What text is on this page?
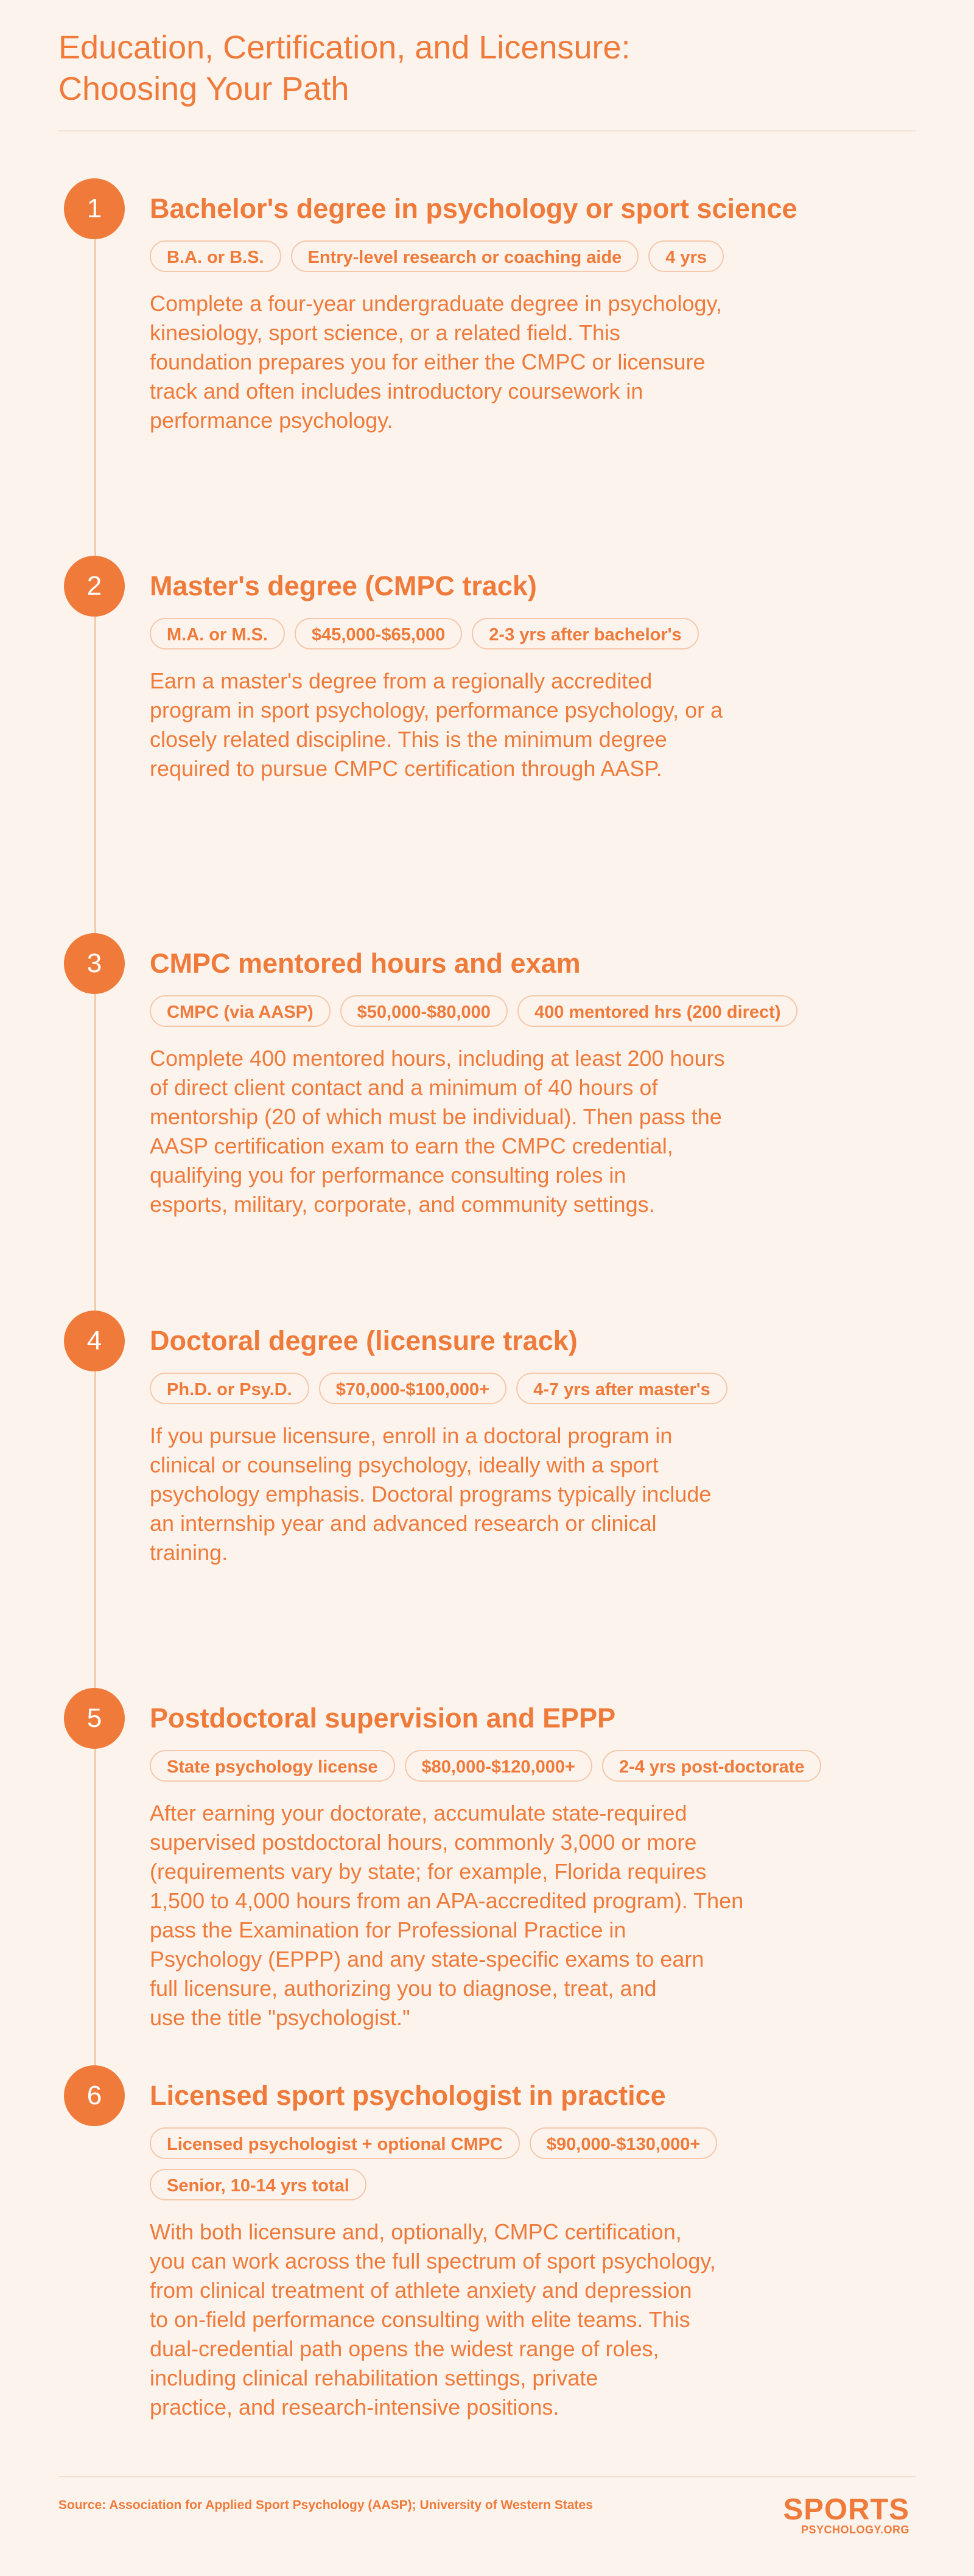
Education, Certification, and Licensure:
Choosing Your Path
1	Bachelor's degree in psychology or sport science
B.A. or B.S.	Entry-level research or coaching aide	4 yrs
Complete a four-year undergraduate degree in psychology,
kinesiology, sport science, or a related field. This
foundation prepares you for either the CMPC or licensure
track and often includes introductory coursework in
performance psychology.
2	Master's degree (CMPC track)
M.A. or M.S.	$45,000-$65,000	2-3 yrs after bachelor's
Earn a master's degree from a regionally accredited
program in sport psychology, performance psychology, or a
closely related discipline. This is the minimum degree
required to pursue CMPC certification through AASP.
3	CMPC mentored hours and exam
CMPC (via AASP)	$50,000-$80,000	400 mentored hrs (200 direct)
Complete 400 mentored hours, including at least 200 hours
of direct client contact and a minimum of 40 hours of
mentorship (20 of which must be individual). Then pass the
AASP certification exam to earn the CMPC credential,
qualifying you for performance consulting roles in
esports, military, corporate, and community settings.
4	Doctoral degree (licensure track)
Ph.D. or Psy.D.	$70,000-$100,000+	4-7 yrs after master's
If you pursue licensure, enroll in a doctoral program in
clinical or counseling psychology, ideally with a sport
psychology emphasis. Doctoral programs typically include
an internship year and advanced research or clinical
training.
5	Postdoctoral supervision and EPPP
State psychology license	$80,000-$120,000+	2-4 yrs post-doctorate
After earning your doctorate, accumulate state-required
supervised postdoctoral hours, commonly 3,000 or more
(requirements vary by state; for example, Florida requires
1,500 to 4,000 hours from an APA-accredited program). Then
pass the Examination for Professional Practice in
Psychology (EPPP) and any state-specific exams to earn
full licensure, authorizing you to diagnose, treat, and
use the title "psychologist."
6	Licensed sport psychologist in practice
Licensed psychologist + optional CMPC	$90,000-$130,000+
Senior, 10-14 yrs total
With both licensure and, optionally, CMPC certification,
you can work across the full spectrum of sport psychology,
from clinical treatment of athlete anxiety and depression
to on-field performance consulting with elite teams. This
dual-credential path opens the widest range of roles,
including clinical rehabilitation settings, private
practice, and research-intensive positions.
Source: Association for Applied Sport Psychology (AASP); University of Western States	SPORTS
PSYCHOLOGY.ORG
